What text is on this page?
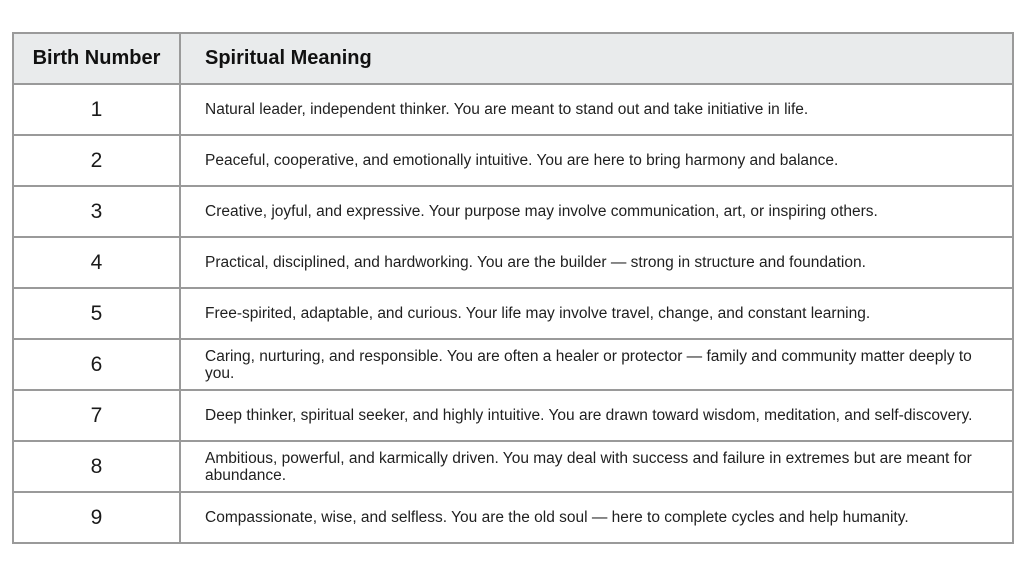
Birth Number	Spiritual Meaning
1	Natural leader, independent thinker. You are meant to stand out and take initiative in life.
2	Peaceful, cooperative, and emotionally intuitive. You are here to bring harmony and balance.
3	Creative, joyful, and expressive. Your purpose may involve communication, art, or inspiring others.
4	Practical, disciplined, and hardworking. You are the builder — strong in structure and foundation.
5	Free-spirited, adaptable, and curious. Your life may involve travel, change, and constant learning.
6	Caring, nurturing, and responsible. You are often a healer or protector — family and community matter deeply to you.
7	Deep thinker, spiritual seeker, and highly intuitive. You are drawn toward wisdom, meditation, and self-discovery.
8	Ambitious, powerful, and karmically driven. You may deal with success and failure in extremes but are meant for abundance.
9	Compassionate, wise, and selfless. You are the old soul — here to complete cycles and help humanity.
